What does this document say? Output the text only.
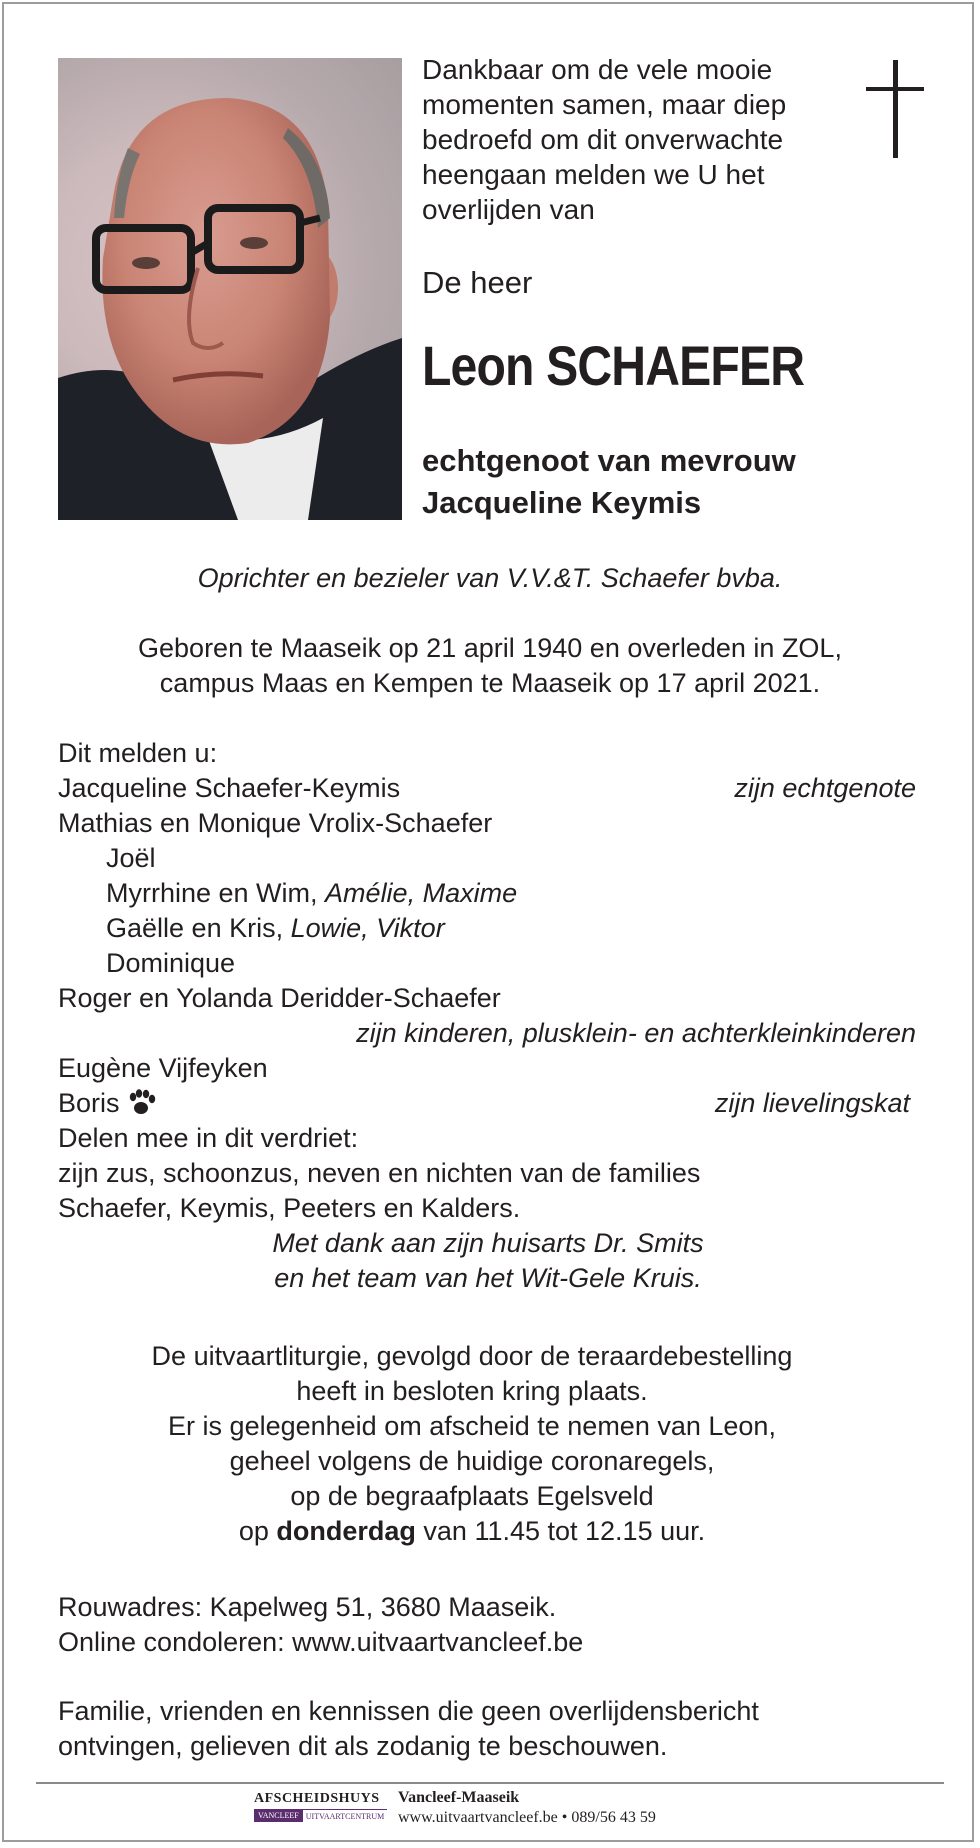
Dankbaar om de vele mooie
momenten samen, maar diep
bedroefd om dit onverwachte
heengaan melden we U het
overlijden van
De heer
Leon SCHAEFER
echtgenoot van mevrouw
Jacqueline Keymis
Oprichter en bezieler van V.V.&T. Schaefer bvba.
Geboren te Maaseik op 21 april 1940 en overleden in ZOL,
campus Maas en Kempen te Maaseik op 17 april 2021.
Dit melden u:
Jacqueline Schaefer-Keymis	zijn echtgenote
Mathias en Monique Vrolix-Schaefer
Joël
Myrrhine en Wim, Amélie, Maxime
Gaëlle en Kris, Lowie, Viktor
Dominique
Roger en Yolanda Deridder-Schaefer
zijn kinderen, plusklein- en achterkleinkinderen
Eugène Vijfeyken
Boris	zijn lievelingskat
Delen mee in dit verdriet:
zijn zus, schoonzus, neven en nichten van de families
Schaefer, Keymis, Peeters en Kalders.
Met dank aan zijn huisarts Dr. Smits
en het team van het Wit-Gele Kruis.
De uitvaartliturgie, gevolgd door de teraardebestelling
heeft in besloten kring plaats.
Er is gelegenheid om afscheid te nemen van Leon,
geheel volgens de huidige coronaregels,
op de begraafplaats Egelsveld
op donderdag van 11.45 tot 12.15 uur.
Rouwadres: Kapelweg 51, 3680 Maaseik.
Online condoleren: www.uitvaartvancleef.be
Familie, vrienden en kennissen die geen overlijdensbericht
ontvingen, gelieven dit als zodanig te beschouwen.
AFSCHEIDSHUYS
VANCLEEF UITVAARTCENTRUM
Vancleef-Maaseik
www.uitvaartvancleef.be • 089/56 43 59
